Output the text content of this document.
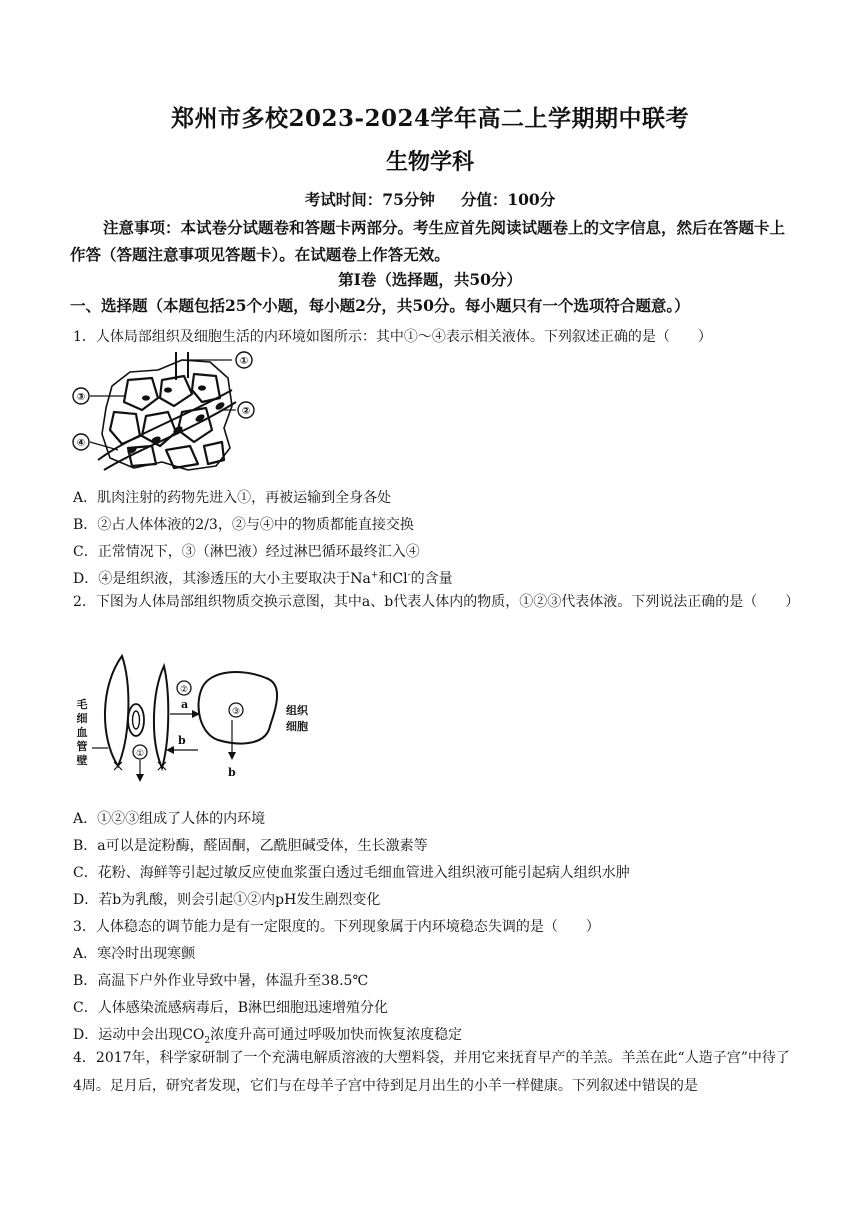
郑州市多校2023-2024学年高二上学期期中联考
生物学科
考试时间：75分钟 分值：100分
注意事项：本试卷分试题卷和答题卡两部分。考生应首先阅读试题卷上的文字信息，然后在答题卡上作答（答题注意事项见答题卡）。在试题卷上作答无效。
第I卷（选择题，共50分）
一、选择题（本题包括25个小题，每小题2分，共50分。每小题只有一个选项符合题意。）
1．人体局部组织及细胞生活的内环境如图所示：其中①～④表示相关液体。下列叙述正确的是（　　）
①
②
③
④
A．肌肉注射的药物先进入①，再被运输到全身各处
B．②占人体体液的2/3，②与④中的物质都能直接交换
C．正常情况下，③（淋巴液）经过淋巴循环最终汇入④
D．④是组织液，其渗透压的大小主要取决于Na+和Cl-的含量
2．下图为人体局部组织物质交换示意图，其中a、b代表人体内的物质，①②③代表体液。下列说法正确的是（　　）
毛
细
血
管
壁	①
②
a
b
③
b
组织
细胞
A．①②③组成了人体的内环境
B．a可以是淀粉酶，醛固酮，乙酰胆碱受体，生长激素等
C．花粉、海鲜等引起过敏反应使血浆蛋白透过毛细血管进入组织液可能引起病人组织水肿
D．若b为乳酸，则会引起①②内pH发生剧烈变化
3．人体稳态的调节能力是有一定限度的。下列现象属于内环境稳态失调的是（　　）
A．寒冷时出现寒颤
B．高温下户外作业导致中暑，体温升至38.5℃
C．人体感染流感病毒后，B淋巴细胞迅速增殖分化
D．运动中会出现$CO_2$浓度升高可通过呼吸加快而恢复浓度稳定
4．2017年，科学家研制了一个充满电解质溶液的大塑料袋，并用它来抚育早产的羊羔。羊羔在此“人造子宫”中待了4周。足月后，研究者发现，它们与在母羊子宫中待到足月出生的小羊一样健康。下列叙述中错误的是
